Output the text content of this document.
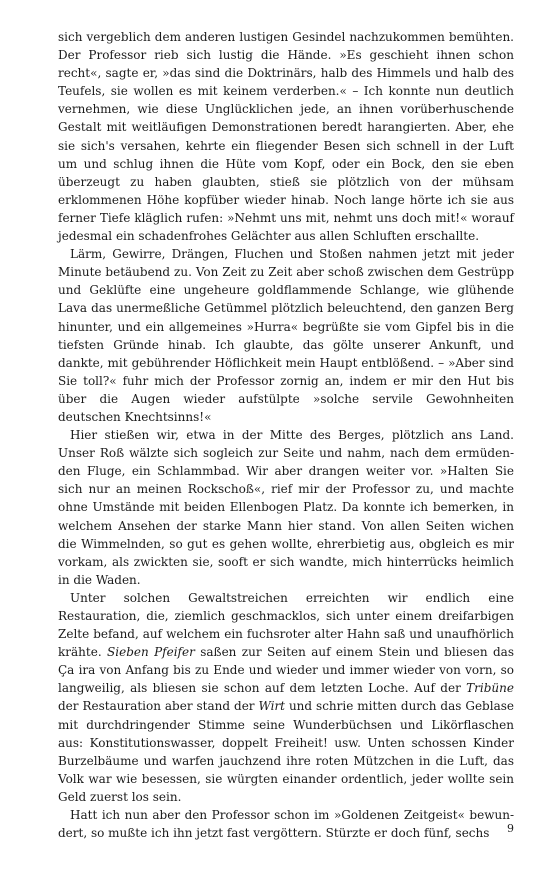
sich vergeblich dem anderen lustigen Gesindel nachzukommen bemühten. Der Professor rieb sich lustig die Hände. »Es geschieht ihnen schon recht«, sagte er, »das sind die Doktrinärs, halb des Himmels und halb des Teufels, sie wollen es mit keinem verderben.« – Ich konnte nun deutlich vernehmen, wie diese Unglücklichen jede, an ihnen vorüberhuschende Gestalt mit weitläufigen Demonstrationen beredt harangierten. Aber, ehe sie sich's versahen, kehrte ein fliegender Besen sich schnell in der Luft um und schlug ihnen die Hüte vom Kopf, oder ein Bock, den sie eben überzeugt zu haben glaubten, stieß sie plötzlich von der mühsam erklommenen Höhe kopfüber wieder hinab. Noch lange hörte ich sie aus ferner Tiefe kläglich rufen: »Nehmt uns mit, nehmt uns doch mit!« worauf jedesmal ein schadenfrohes Gelächter aus allen Schluften erschallte.

Lärm, Gewirre, Drängen, Fluchen und Stoßen nahmen jetzt mit jeder Minute betäubend zu. Von Zeit zu Zeit aber schoß zwischen dem Gestrüpp und Geklüfte eine ungeheure goldflammende Schlange, wie glühende Lava das unermeßliche Getümmel plötzlich beleuchtend, den ganzen Berg hinunter, und ein allgemeines »Hurra« begrüßte sie vom Gipfel bis in die tiefsten Gründe hinab. Ich glaubte, das gölte unserer Ankunft, und dankte, mit gebührender Höflichkeit mein Haupt entblößend. – »Aber sind Sie toll?« fuhr mich der Professor zornig an, indem er mir den Hut bis über die Augen wieder aufstülpte »solche servile Gewohnheiten deutschen Knechtsinns!«

Hier stießen wir, etwa in der Mitte des Berges, plötzlich ans Land. Unser Roß wälzte sich sogleich zur Seite und nahm, nach dem ermüdenden Fluge, ein Schlammbad. Wir aber drangen weiter vor. »Halten Sie sich nur an meinen Rockschoß«, rief mir der Professor zu, und machte ohne Umstände mit beiden Ellenbogen Platz. Da konnte ich bemerken, in welchem Ansehen der starke Mann hier stand. Von allen Seiten wichen die Wimmelnden, so gut es gehen wollte, ehrerbietig aus, obgleich es mir vorkam, als zwickten sie, sooft er sich wandte, mich hinterrücks heimlich in die Waden.

Unter solchen Gewaltstreichen erreichten wir endlich eine Restauration, die, ziemlich geschmacklos, sich unter einem dreifarbigen Zelte befand, auf welchem ein fuchsroter alter Hahn saß und unaufhörlich krähte. Sieben Pfeifer saßen zur Seiten auf einem Stein und bliesen das Ça ira von Anfang bis zu Ende und wieder und immer wieder von vorn, so langweilig, als bliesen sie schon auf dem letzten Loche. Auf der Tribüne der Restauration aber stand der Wirt und schrie mitten durch das Geblase mit durchdringender Stimme seine Wunderbüchsen und Likörflaschen aus: Konstitutionswasser, doppelt Freiheit! usw. Unten schossen Kinder Burzelbäume und warfen jauchzend ihre roten Mützchen in die Luft, das Volk war wie besessen, sie würgten einander ordentlich, jeder wollte sein Geld zuerst los sein.

Hatt ich nun aber den Professor schon im »Goldenen Zeitgeist« bewundert, so mußte ich ihn jetzt fast vergöttern. Stürzte er doch fünf, sechs	9
